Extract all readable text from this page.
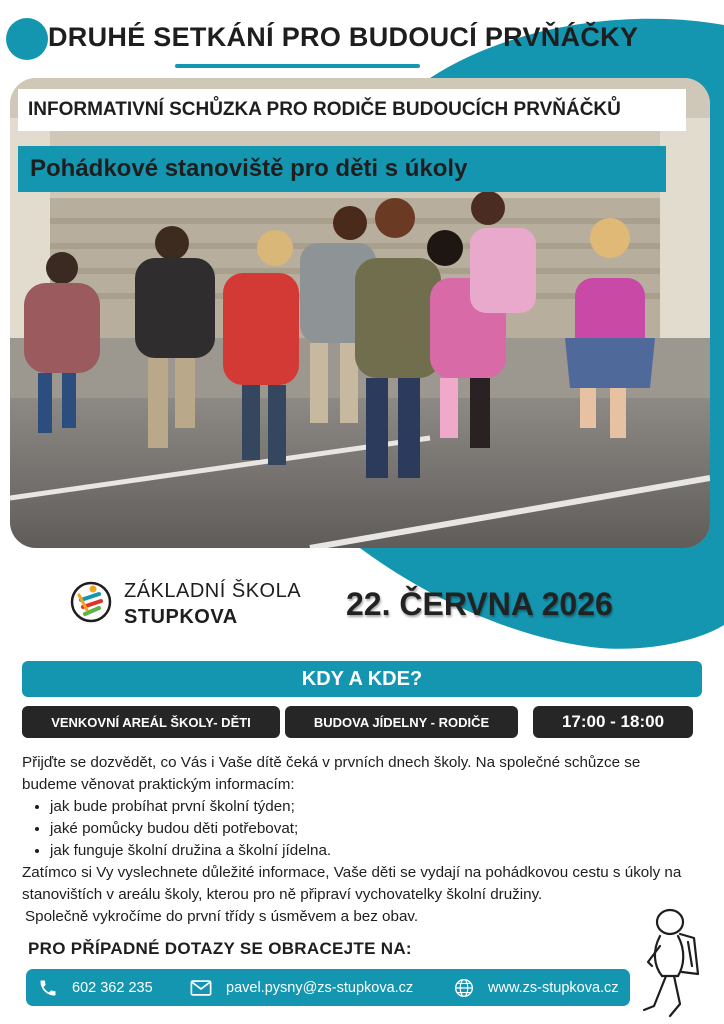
DRUHÉ SETKÁNÍ PRO BUDOUCÍ PRVŇÁČKY
INFORMATIVNÍ SCHŮZKA PRO RODIČE BUDOUCÍCH PRVŇÁČKŮ
Pohádkové stanoviště pro děti s úkoly
ZÁKLADNÍ ŠKOLA
STUPKOVA	22. ČERVNA 2026
KDY A KDE?
VENKOVNÍ AREÁL ŠKOLY- DĚTI	BUDOVA JÍDELNY - RODIČE	17:00 - 18:00

Přijďte se dozvědět, co Vás i Vaše dítě čeká v prvních dnech školy. Na společné schůzce se budeme věnovat praktickým informacím:

• jak bude probíhat první školní týden;
• jaké pomůcky budou děti potřebovat;
• jak funguje školní družina a školní jídelna.

Zatímco si Vy vyslechnete důležité informace, Vaše děti se vydají na pohádkovou cestu s úkoly na stanovištích v areálu školy, kterou pro ně připraví vychovatelky školní družiny.

Společně vykročíme do první třídy s úsměvem a bez obav.

PRO PŘÍPADNÉ DOTAZY SE OBRACEJTE NA:
602 362 235	pavel.pysny@zs-stupkova.cz	www.zs-stupkova.cz
